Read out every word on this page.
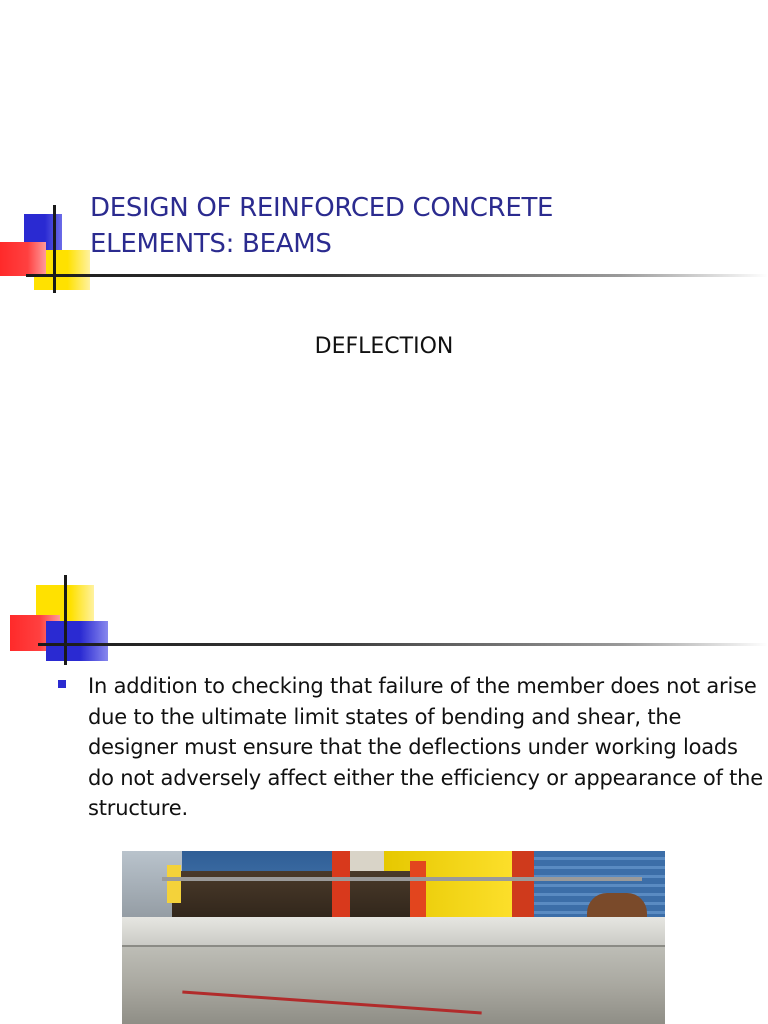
DESIGN OF REINFORCED CONCRETE
ELEMENTS: BEAMS

DEFLECTION

In addition to checking that failure of the member does not arise due to the ultimate limit states of bending and shear, the designer must ensure that the deflections under working loads do not adversely affect either the efficiency or appearance of the structure.
